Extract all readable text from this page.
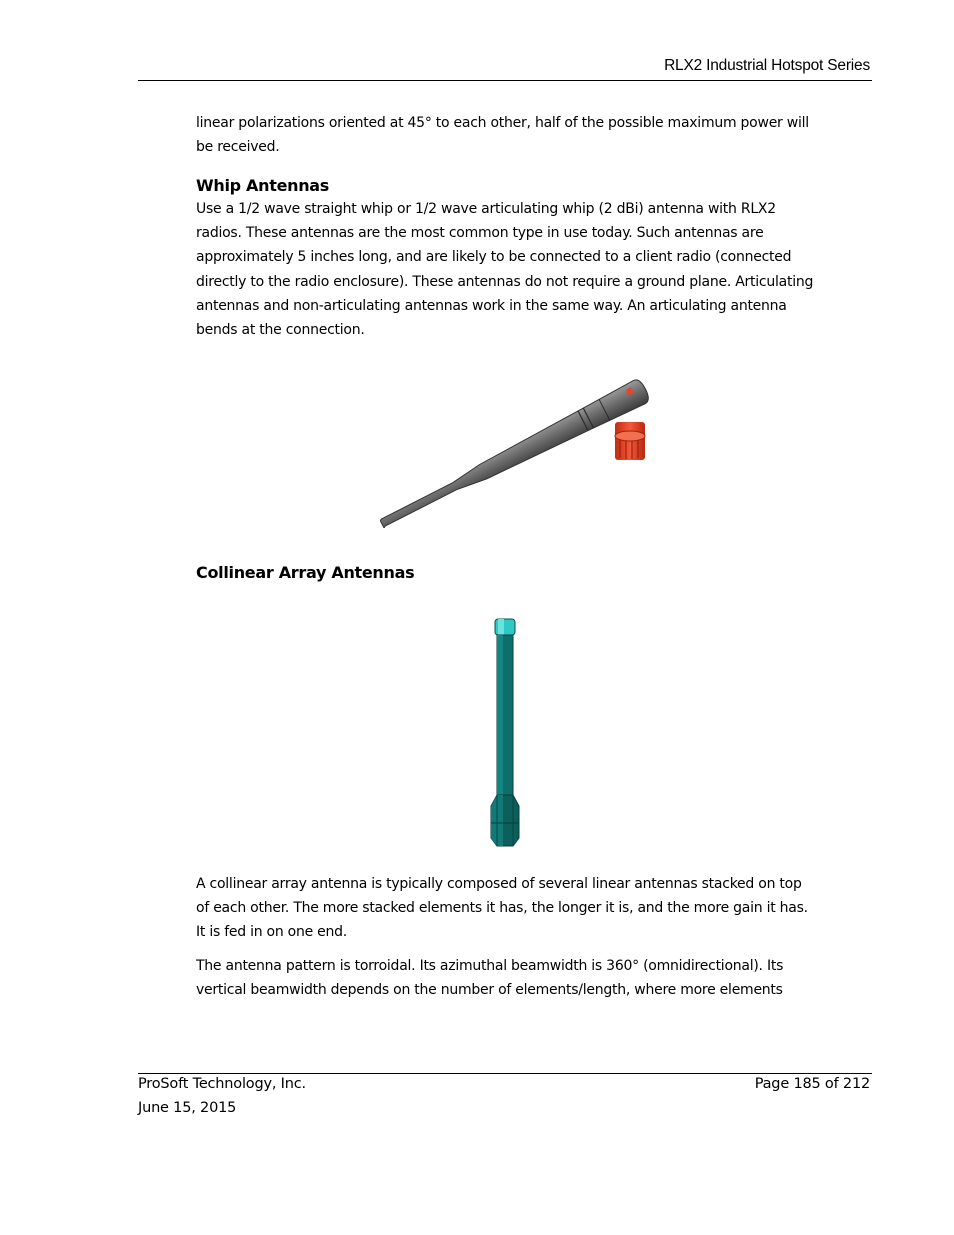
RLX2 Industrial Hotspot Series
linear polarizations oriented at 45° to each other, half of the possible maximum power will be received.
Whip Antennas
Use a 1/2 wave straight whip or 1/2 wave articulating whip (2 dBi) antenna with RLX2 radios. These antennas are the most common type in use today. Such antennas are approximately 5 inches long, and are likely to be connected to a client radio (connected directly to the radio enclosure). These antennas do not require a ground plane. Articulating antennas and non-articulating antennas work in the same way. An articulating antenna bends at the connection.
Collinear Array Antennas
A collinear array antenna is typically composed of several linear antennas stacked on top of each other. The more stacked elements it has, the longer it is, and the more gain it has. It is fed in on one end.
The antenna pattern is torroidal. Its azimuthal beamwidth is 360° (omnidirectional). Its vertical beamwidth depends on the number of elements/length, where more elements
ProSoft Technology, Inc.
June 15, 2015
Page 185 of 212
